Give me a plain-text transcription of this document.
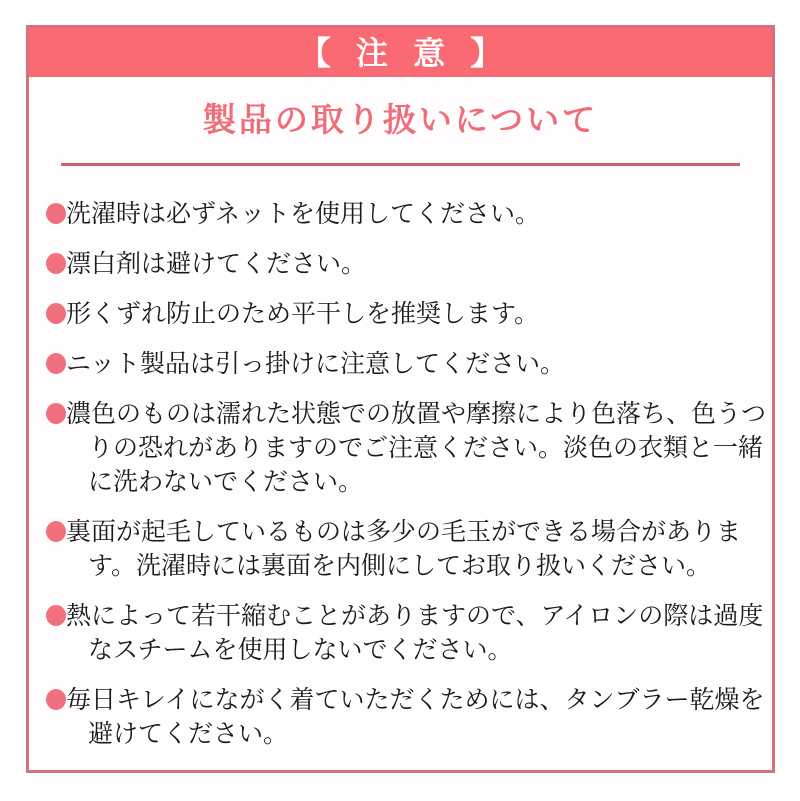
【 注 意 】
製品の取り扱いについて
洗濯時は必ずネットを使用してください。
漂白剤は避けてください。
形くずれ防止のため平干しを推奨します。
ニット製品は引っ掛けに注意してください。
濃色のものは濡れた状態での放置や摩擦により色落ち、色うつりの恐れがありますのでご注意ください。淡色の衣類と一緒に洗わないでください。
裏面が起毛しているものは多少の毛玉ができる場合があります。洗濯時には裏面を内側にしてお取り扱いください。
熱によって若干縮むことがありますので、アイロンの際は過度なスチームを使用しないでください。
毎日キレイにながく着ていただくためには、タンブラー乾燥を避けてください。
